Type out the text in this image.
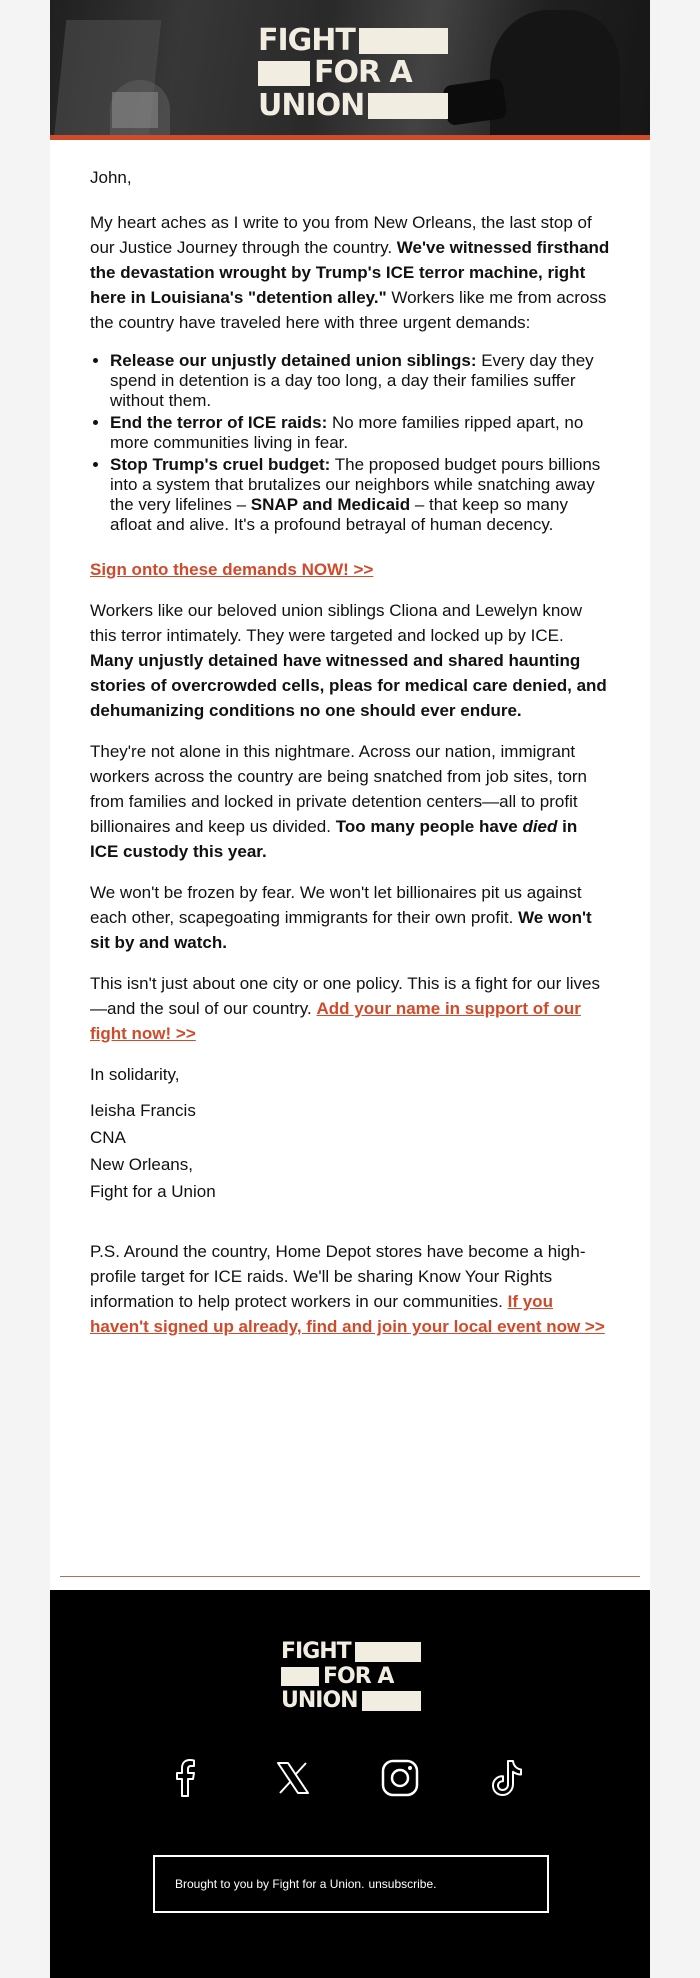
FIGHT
FOR A
UNION

John,

My heart aches as I write to you from New Orleans, the last stop of our Justice Journey through the country. We've witnessed firsthand the devastation wrought by Trump's ICE terror machine, right here in Louisiana's "detention alley." Workers like me from across the country have traveled here with three urgent demands:

• Release our unjustly detained union siblings: Every day they spend in detention is a day too long, a day their families suffer without them.
• End the terror of ICE raids: No more families ripped apart, no more communities living in fear.
• Stop Trump's cruel budget: The proposed budget pours billions into a system that brutalizes our neighbors while snatching away the very lifelines – SNAP and Medicaid – that keep so many afloat and alive. It's a profound betrayal of human decency.

Sign onto these demands NOW! >>

Workers like our beloved union siblings Cliona and Lewelyn know this terror intimately. They were targeted and locked up by ICE. Many unjustly detained have witnessed and shared haunting stories of overcrowded cells, pleas for medical care denied, and dehumanizing conditions no one should ever endure.

They're not alone in this nightmare. Across our nation, immigrant workers across the country are being snatched from job sites, torn from families and locked in private detention centers—all to profit billionaires and keep us divided. Too many people have died in ICE custody this year.

We won't be frozen by fear. We won't let billionaires pit us against each other, scapegoating immigrants for their own profit. We won't sit by and watch.

This isn't just about one city or one policy. This is a fight for our lives—and the soul of our country. Add your name in support of our fight now! >>

In solidarity,

Ieisha Francis
CNA
New Orleans,
Fight for a Union

P.S. Around the country, Home Depot stores have become a high-profile target for ICE raids. We'll be sharing Know Your Rights information to help protect workers in our communities. If you haven't signed up already, find and join your local event now >>

FIGHT
FOR A
UNION
Brought to you by Fight for a Union. unsubscribe.
